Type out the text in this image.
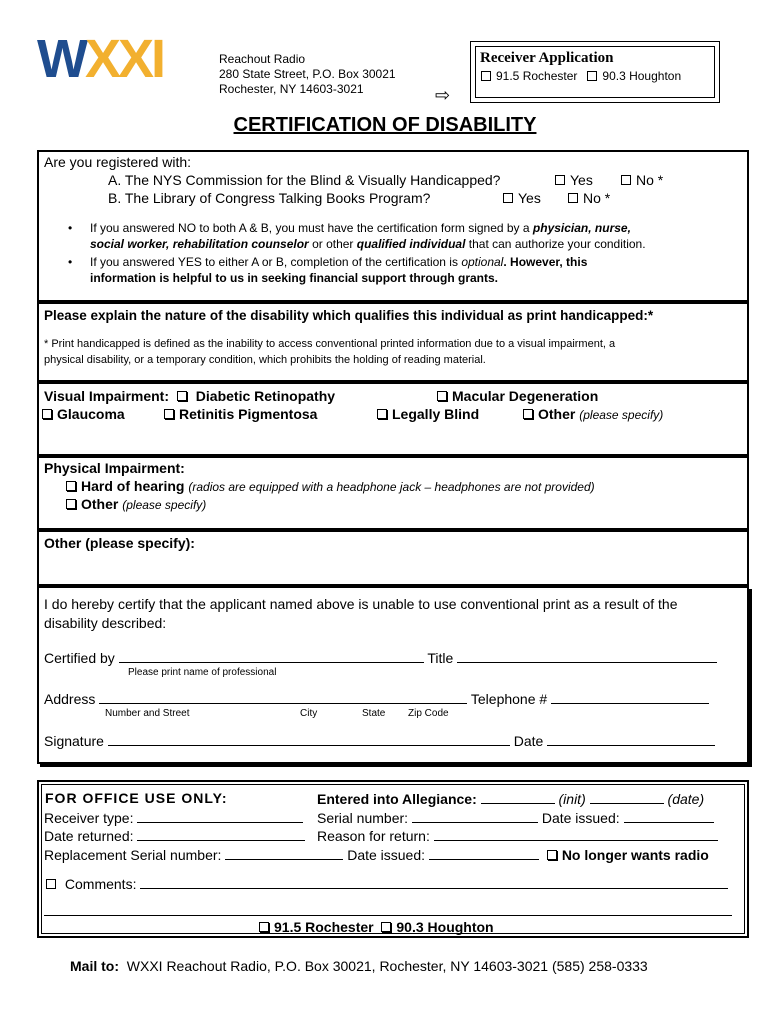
WXXI	Reachout Radio
280 State Street, P.O. Box 30021
Rochester, NY 14603-3021	⇨
Receiver Application
91.5 Rochester 90.3 Houghton
CERTIFICATION OF DISABILITY
Are you registered with:
A. The NYS Commission for the Blind & Visually Handicapped?	Yes	No *
B. The Library of Congress Talking Books Program?	Yes	No *
• If you answered NO to both A & B, you must have the certification form signed by a physician, nurse,
social worker, rehabilitation counselor or other qualified individual that can authorize your condition.
• If you answered YES to either A or B, completion of the certification is optional. However, this
information is helpful to us in seeking financial support through grants.
Please explain the nature of the disability which qualifies this individual as print handicapped:*
* Print handicapped is defined as the inability to access conventional printed information due to a visual impairment, a
physical disability, or a temporary condition, which prohibits the holding of reading material.
Visual Impairment: Diabetic Retinopathy	Macular Degeneration
Glaucoma	Retinitis Pigmentosa	Legally Blind	Other (please specify)
Physical Impairment:
Hard of hearing (radios are equipped with a headphone jack – headphones are not provided)
Other (please specify)
Other (please specify):
I do hereby certify that the applicant named above is unable to use conventional print as a result of the
disability described:
Certified by	Title
Please print name of professional
Address	Telephone #
Number and Street	City	State Zip Code
Signature	Date
FOR OFFICE USE ONLY:	Entered into Allegiance:	(init)	(date)
Receiver type:	Serial number:	Date issued:
Date returned:	Reason for return:
Replacement Serial number:	Date issued:	No longer wants radio
Comments:
91.5 Rochester 90.3 Houghton
Mail to: WXXI Reachout Radio, P.O. Box 30021, Rochester, NY 14603-3021 (585) 258-0333
